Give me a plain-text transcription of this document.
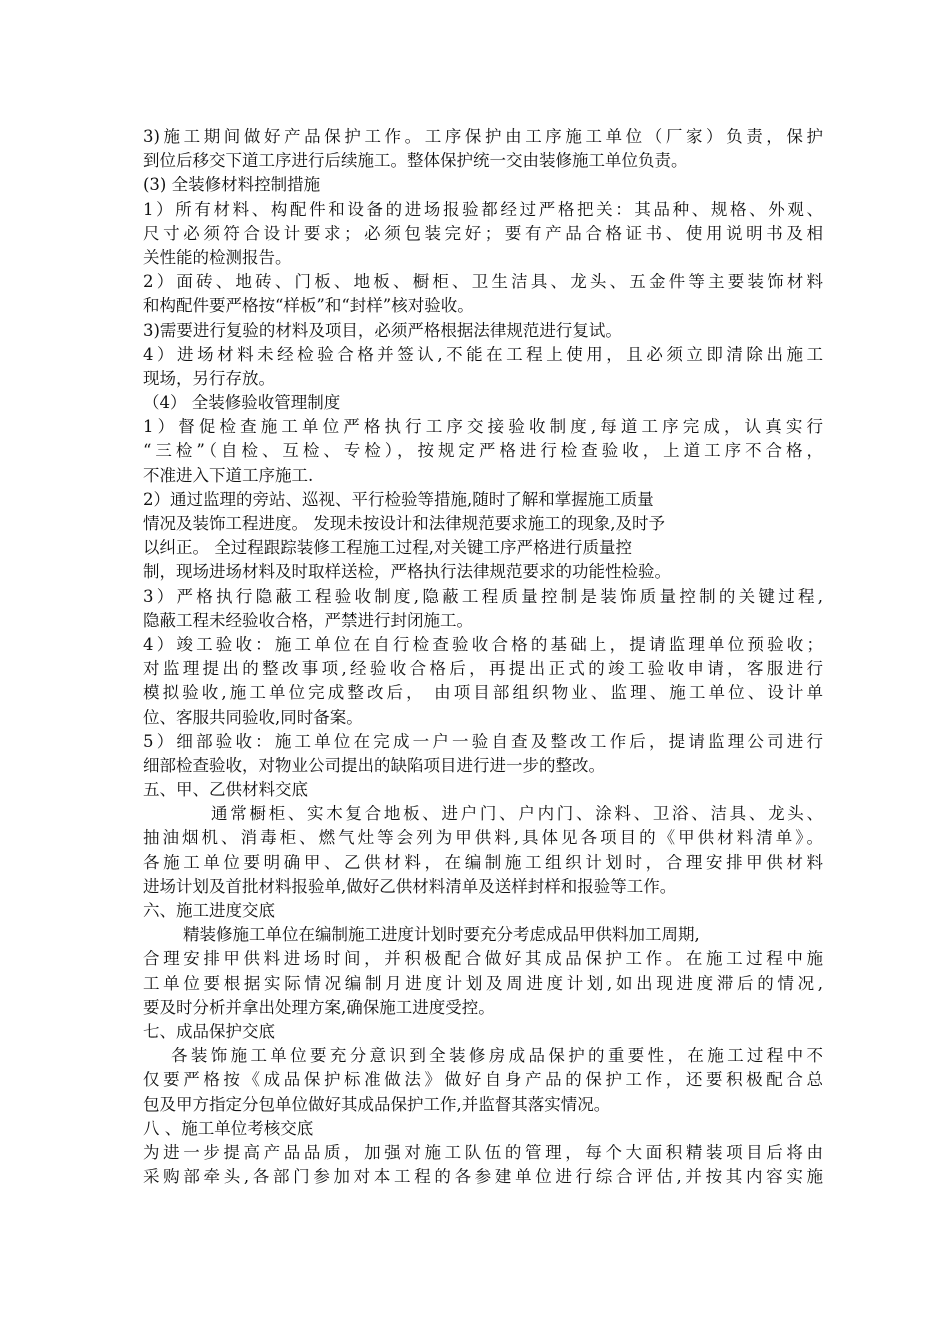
3)施工期间做好产品保护工作。工序保护由工序施工单位（厂家）负责，保护
到位后移交下道工序进行后续施工。整体保护统一交由装修施工单位负责。
(3) 全装修材料控制措施
1）所有材料、构配件和设备的进场报验都经过严格把关：其品种、规格、外观、
尺寸必须符合设计要求；必须包装完好；要有产品合格证书、使用说明书及相
关性能的检测报告。
2）面砖、地砖、门板、地板、橱柜、卫生洁具、龙头、五金件等主要装饰材料
和构配件要严格按“样板”和“封样”核对验收。
3)需要进行复验的材料及项目，必须严格根据法律规范进行复试。
4）进场材料未经检验合格并签认,不能在工程上使用，且必须立即清除出施工
现场，另行存放。
（4） 全装修验收管理制度
1）督促检查施工单位严格执行工序交接验收制度,每道工序完成，认真实行
“三检”（自检、互检、专检），按规定严格进行检查验收，上道工序不合格，
不准进入下道工序施工.
2）通过监理的旁站、巡视、平行检验等措施,随时了解和掌握施工质量
情况及装饰工程进度。 发现未按设计和法律规范要求施工的现象,及时予
以纠正。 全过程跟踪装修工程施工过程,对关键工序严格进行质量控
制，现场进场材料及时取样送检，严格执行法律规范要求的功能性检验。
3）严格执行隐蔽工程验收制度,隐蔽工程质量控制是装饰质量控制的关键过程,
隐蔽工程未经验收合格，严禁进行封闭施工。
4）竣工验收：施工单位在自行检查验收合格的基础上，提请监理单位预验收；
对监理提出的整改事项,经验收合格后，再提出正式的竣工验收申请，客服进行
模拟验收,施工单位完成整改后， 由项目部组织物业、监理、施工单位、设计单
位、客服共同验收,同时备案。
5）细部验收：施工单位在完成一户一验自查及整改工作后，提请监理公司进行
细部检查验收，对物业公司提出的缺陷项目进行进一步的整改。
五、甲、乙供材料交底
通常橱柜、实木复合地板、进户门、户内门、涂料、卫浴、洁具、龙头、
抽油烟机、消毒柜、燃气灶等会列为甲供料,具体见各项目的《甲供材料清单》。
各施工单位要明确甲、乙供材料，在编制施工组织计划时，合理安排甲供材料
进场计划及首批材料报验单,做好乙供材料清单及送样封样和报验等工作。
六、施工进度交底
精装修施工单位在编制施工进度计划时要充分考虑成品甲供料加工周期,
合理安排甲供料进场时间，并积极配合做好其成品保护工作。在施工过程中施
工单位要根据实际情况编制月进度计划及周进度计划,如出现进度滞后的情况,
要及时分析并拿出处理方案,确保施工进度受控。
七、成品保护交底
各装饰施工单位要充分意识到全装修房成品保护的重要性，在施工过程中不
仅要严格按《成品保护标准做法》做好自身产品的保护工作，还要积极配合总
包及甲方指定分包单位做好其成品保护工作,并监督其落实情况。
八 、施工单位考核交底
为进一步提高产品品质，加强对施工队伍的管理，每个大面积精装项目后将由
采购部牵头,各部门参加对本工程的各参建单位进行综合评估,并按其内容实施
